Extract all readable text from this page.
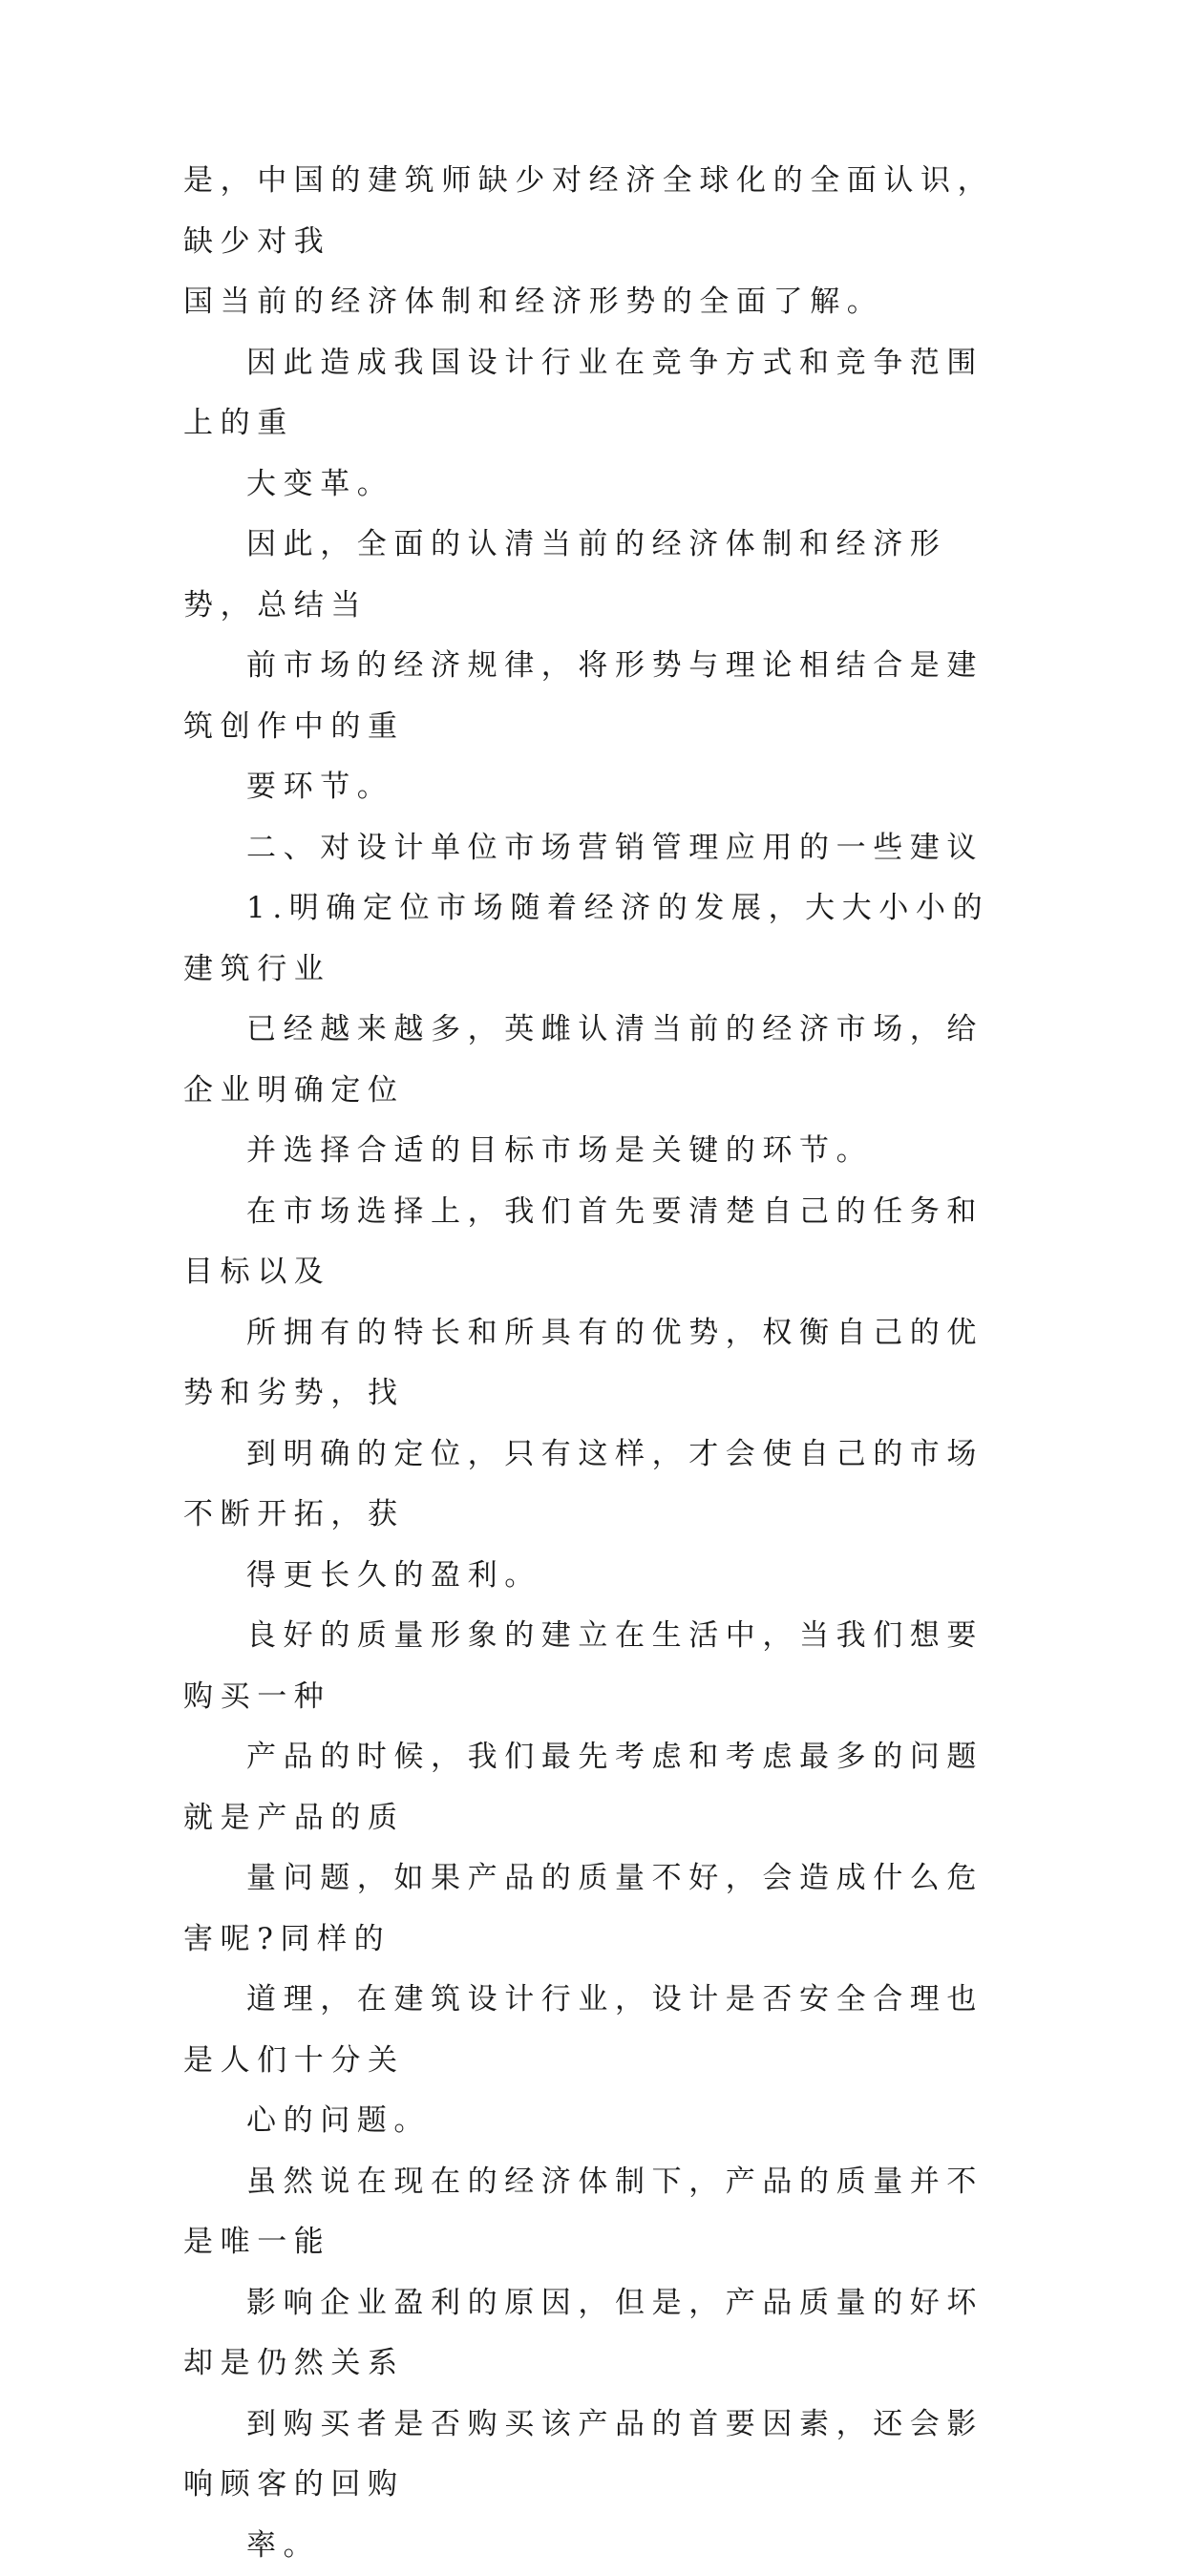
是，中国的建筑师缺少对经济全球化的全面认识，缺少对我
国当前的经济体制和经济形势的全面了解。

因此造成我国设计行业在竞争方式和竞争范围上的重
大变革。

因此，全面的认清当前的经济体制和经济形势，总结当
前市场的经济规律，将形势与理论相结合是建筑创作中的重
要环节。

二、对设计单位市场营销管理应用的一些建议

1.明确定位市场随着经济的发展，大大小小的建筑行业
已经越来越多，英雌认清当前的经济市场，给企业明确定位
并选择合适的目标市场是关键的环节。

在市场选择上，我们首先要清楚自己的任务和目标以及
所拥有的特长和所具有的优势，权衡自己的优势和劣势，找
到明确的定位，只有这样，才会使自己的市场不断开拓，获
得更长久的盈利。

良好的质量形象的建立在生活中，当我们想要购买一种
产品的时候，我们最先考虑和考虑最多的问题就是产品的质
量问题，如果产品的质量不好，会造成什么危害呢?同样的
道理，在建筑设计行业，设计是否安全合理也是人们十分关
心的问题。

虽然说在现在的经济体制下，产品的质量并不是唯一能
影响企业盈利的原因，但是，产品质量的好坏却是仍然关系
到购买者是否购买该产品的首要因素，还会影响顾客的回购
率。
